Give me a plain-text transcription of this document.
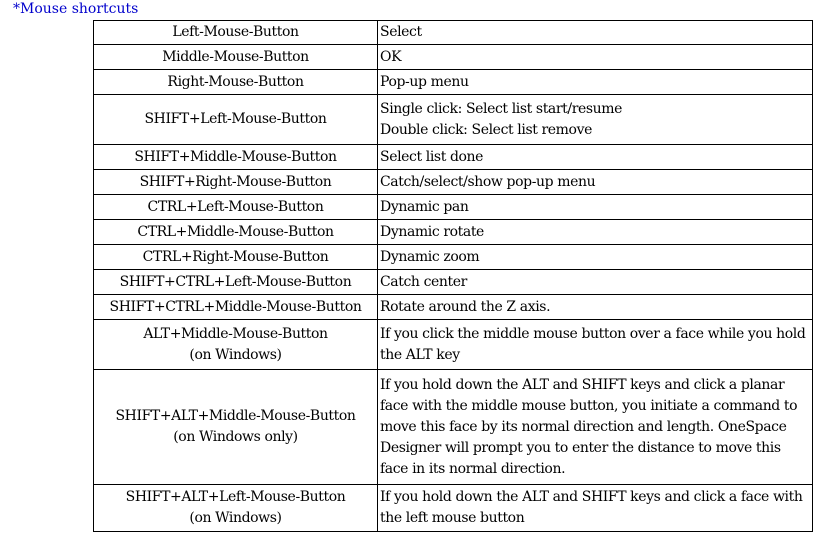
*Mouse shortcuts
Left-Mouse-Button	Select
Middle-Mouse-Button	OK
Right-Mouse-Button	Pop-up menu
SHIFT+Left-Mouse-Button	Single click: Select list start/resume
Double click: Select list remove

SHIFT+Middle-Mouse-Button	Select list done
SHIFT+Right-Mouse-Button	Catch/select/show pop-up menu
CTRL+Left-Mouse-Button	Dynamic pan
CTRL+Middle-Mouse-Button	Dynamic rotate
CTRL+Right-Mouse-Button	Dynamic zoom
SHIFT+CTRL+Left-Mouse-Button	Catch center
SHIFT+CTRL+Middle-Mouse-Button	Rotate around the Z axis.
ALT+Middle-Mouse-Button (on Windows)	If you click the middle mouse button over a face while you hold the ALT key
SHIFT+ALT+Middle-Mouse-Button (on Windows only)	If you hold down the ALT and SHIFT keys and click a planar face with the middle mouse button, you initiate a command to move this face by its normal direction and length. OneSpace Designer will prompt you to enter the distance to move this face in its normal direction.
SHIFT+ALT+Left-Mouse-Button (on Windows)	If you hold down the ALT and SHIFT keys and click a face with the left mouse button
